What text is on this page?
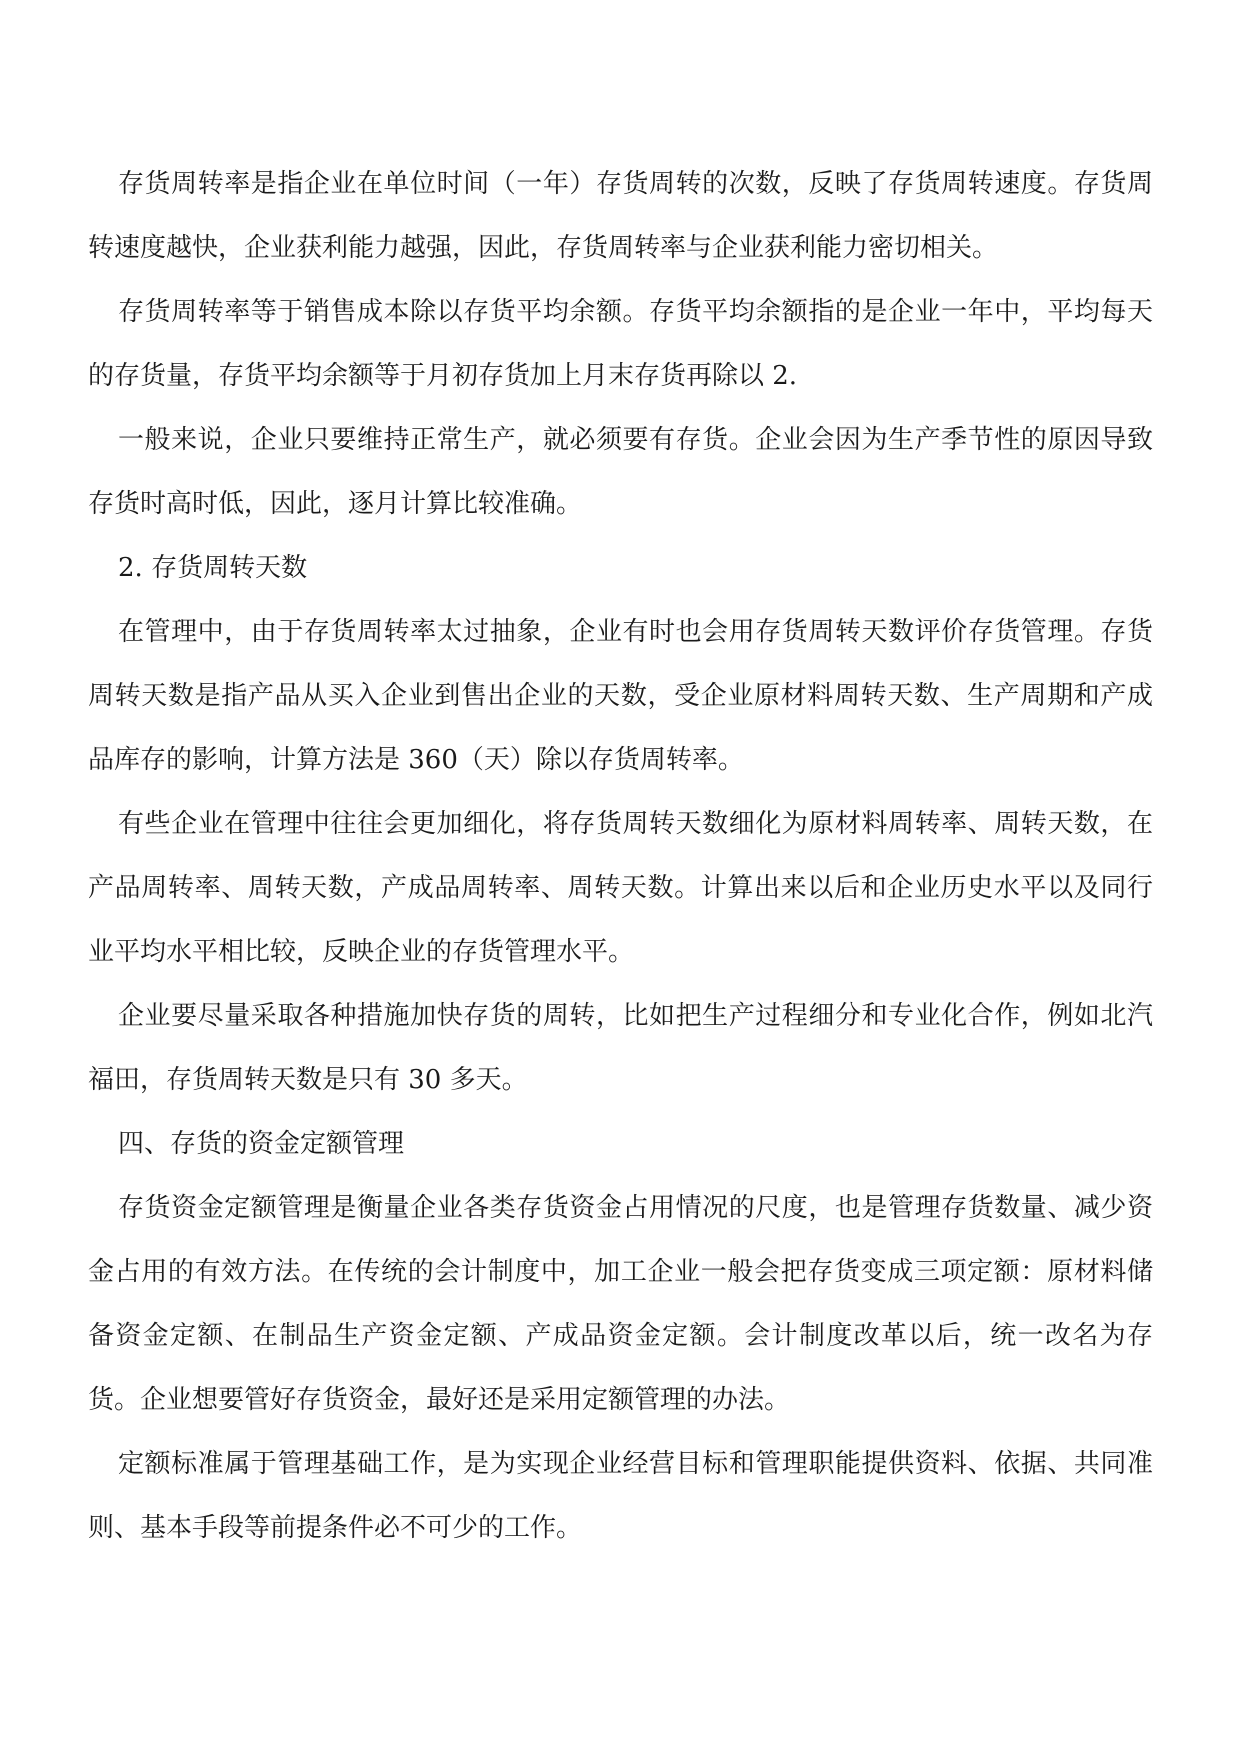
存货周转率是指企业在单位时间（一年）存货周转的次数，反映了存货周转速度。存货周转速度越快，企业获利能力越强，因此，存货周转率与企业获利能力密切相关。

存货周转率等于销售成本除以存货平均余额。存货平均余额指的是企业一年中，平均每天的存货量，存货平均余额等于月初存货加上月末存货再除以 2.

一般来说，企业只要维持正常生产，就必须要有存货。企业会因为生产季节性的原因导致存货时高时低，因此，逐月计算比较准确。

2. 存货周转天数

在管理中，由于存货周转率太过抽象，企业有时也会用存货周转天数评价存货管理。存货周转天数是指产品从买入企业到售出企业的天数，受企业原材料周转天数、生产周期和产成品库存的影响，计算方法是 360（天）除以存货周转率。

有些企业在管理中往往会更加细化，将存货周转天数细化为原材料周转率、周转天数，在产品周转率、周转天数，产成品周转率、周转天数。计算出来以后和企业历史水平以及同行业平均水平相比较，反映企业的存货管理水平。

企业要尽量采取各种措施加快存货的周转，比如把生产过程细分和专业化合作，例如北汽福田，存货周转天数是只有 30 多天。

四、存货的资金定额管理

存货资金定额管理是衡量企业各类存货资金占用情况的尺度，也是管理存货数量、减少资金占用的有效方法。在传统的会计制度中，加工企业一般会把存货变成三项定额：原材料储备资金定额、在制品生产资金定额、产成品资金定额。会计制度改革以后，统一改名为存货。企业想要管好存货资金，最好还是采用定额管理的办法。

定额标准属于管理基础工作，是为实现企业经营目标和管理职能提供资料、依据、共同准则、基本手段等前提条件必不可少的工作。
